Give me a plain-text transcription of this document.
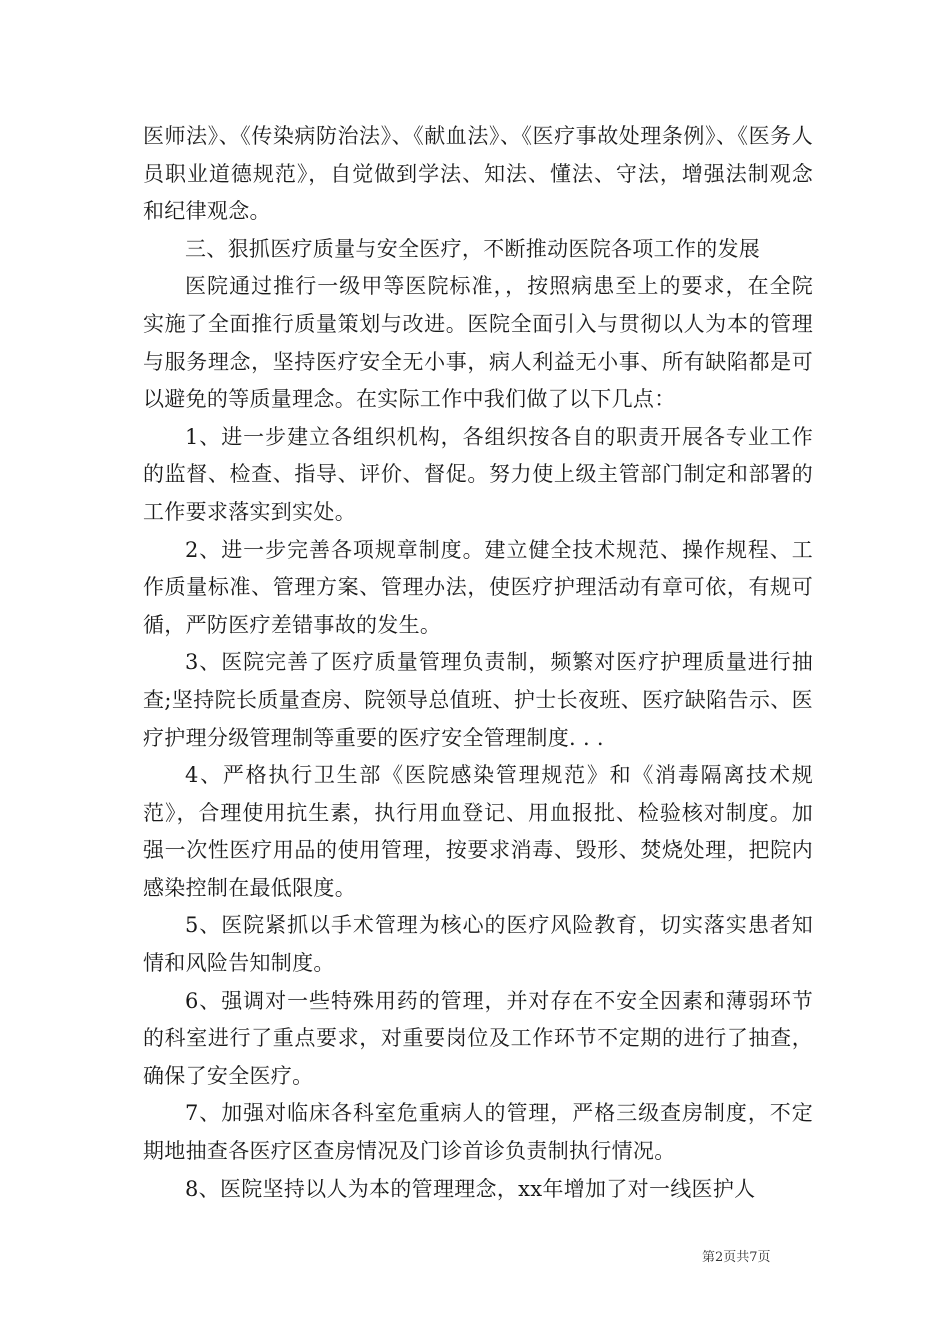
医师法》、《传染病防治法》、《献血法》、《医疗事故处理条例》、《医务人员职业道德规范》，自觉做到学法、知法、懂法、守法，增强法制观念和纪律观念。

三、狠抓医疗质量与安全医疗，不断推动医院各项工作的发展

医院通过推行一级甲等医院标准，，按照病患至上的要求，在全院实施了全面推行质量策划与改进。医院全面引入与贯彻以人为本的管理与服务理念，坚持医疗安全无小事，病人利益无小事、所有缺陷都是可以避免的等质量理念。在实际工作中我们做了以下几点：

1、进一步建立各组织机构，各组织按各自的职责开展各专业工作的监督、检查、指导、评价、督促。努力使上级主管部门制定和部署的工作要求落实到实处。

2、进一步完善各项规章制度。建立健全技术规范、操作规程、工作质量标准、管理方案、管理办法，使医疗护理活动有章可依，有规可循，严防医疗差错事故的发生。

3、医院完善了医疗质量管理负责制，频繁对医疗护理质量进行抽查;坚持院长质量查房、院领导总值班、护士长夜班、医疗缺陷告示、医疗护理分级管理制等重要的医疗安全管理制度. . .

4、严格执行卫生部《医院感染管理规范》和《消毒隔离技术规范》，合理使用抗生素，执行用血登记、用血报批、检验核对制度。加强一次性医疗用品的使用管理，按要求消毒、毁形、焚烧处理，把院内感染控制在最低限度。

5、医院紧抓以手术管理为核心的医疗风险教育，切实落实患者知情和风险告知制度。

6、强调对一些特殊用药的管理，并对存在不安全因素和薄弱环节的科室进行了重点要求，对重要岗位及工作环节不定期的进行了抽查，确保了安全医疗。

7、加强对临床各科室危重病人的管理，严格三级查房制度，不定期地抽查各医疗区查房情况及门诊首诊负责制执行情况。

8、医院坚持以人为本的管理理念，xx年增加了对一线医护人

第2页共7页
